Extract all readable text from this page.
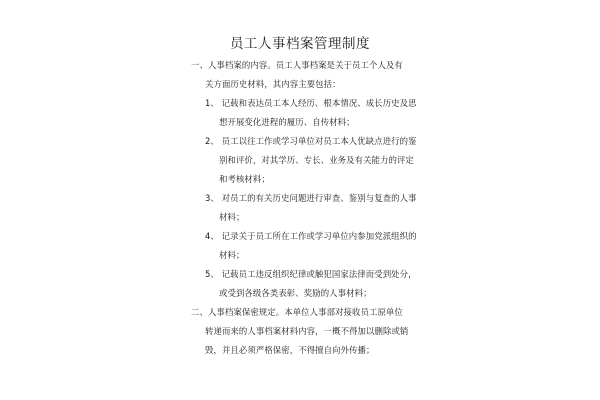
员工人事档案管理制度
一、人事档案的内容。员工人事档案是关于员工个人及有
关方面历史材料，其内容主要包括：
1、 记载和表达员工本人经历、根本情况、成长历史及思
想开展变化进程的履历、自传材料；
2、 员工以往工作或学习单位对员工本人优缺点进行的鉴
别和评价，对其学历、专长、业务及有关能力的评定
和考核材料；
3、 对员工的有关历史问题进行审查、鉴别与复查的人事
材料；
4、 记录关于员工所在工作或学习单位内参加党派组织的
材料；
5、 记载员工违反组织纪律或触犯国家法律而受到处分，
或受到各级各类表彰、奖励的人事材料；
二、人事档案保密规定。本单位人事部对接收员工原单位
转递而来的人事档案材料内容，一概不得加以删除或销
毁，并且必须严格保密，不得擅自向外传播；
